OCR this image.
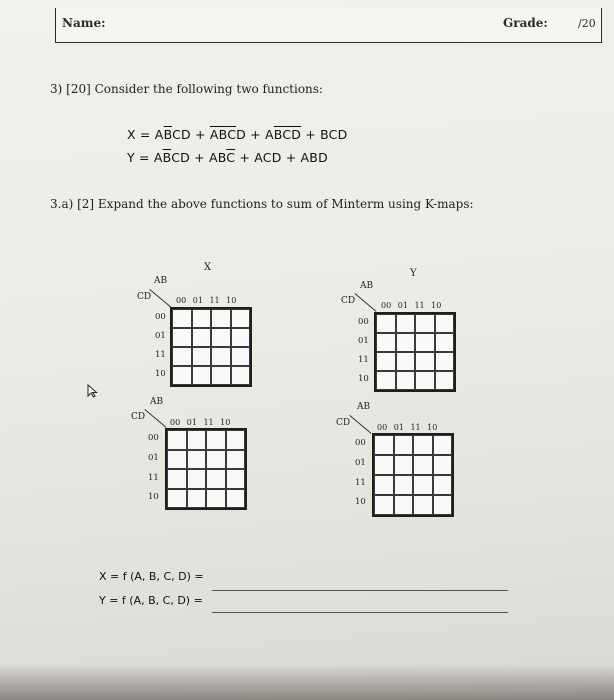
Name:	Grade:	/20
3) [20] Consider the following two functions:
$X = A\overline{B}CD + \overline{AB}\overline{C}D + A\overline{B}\overline{CD}$ + BCD
$Y = A\overline{B}CD + AB\overline{C}$ + ACD + ABD
3.a) [2] Expand the above functions to sum of Minterm using K-maps:
X
AB
CD	00 01 11 10
00
01
11
10
Y
AB
CD	00 01 11 10
00
01
11
10
AB
CD
00 01 11 10
00
01
11
10
AB
CD	00 01 11 10
00
01
11
10
X = f (A, B, C, D) =
Y = f (A, B, C, D) =
